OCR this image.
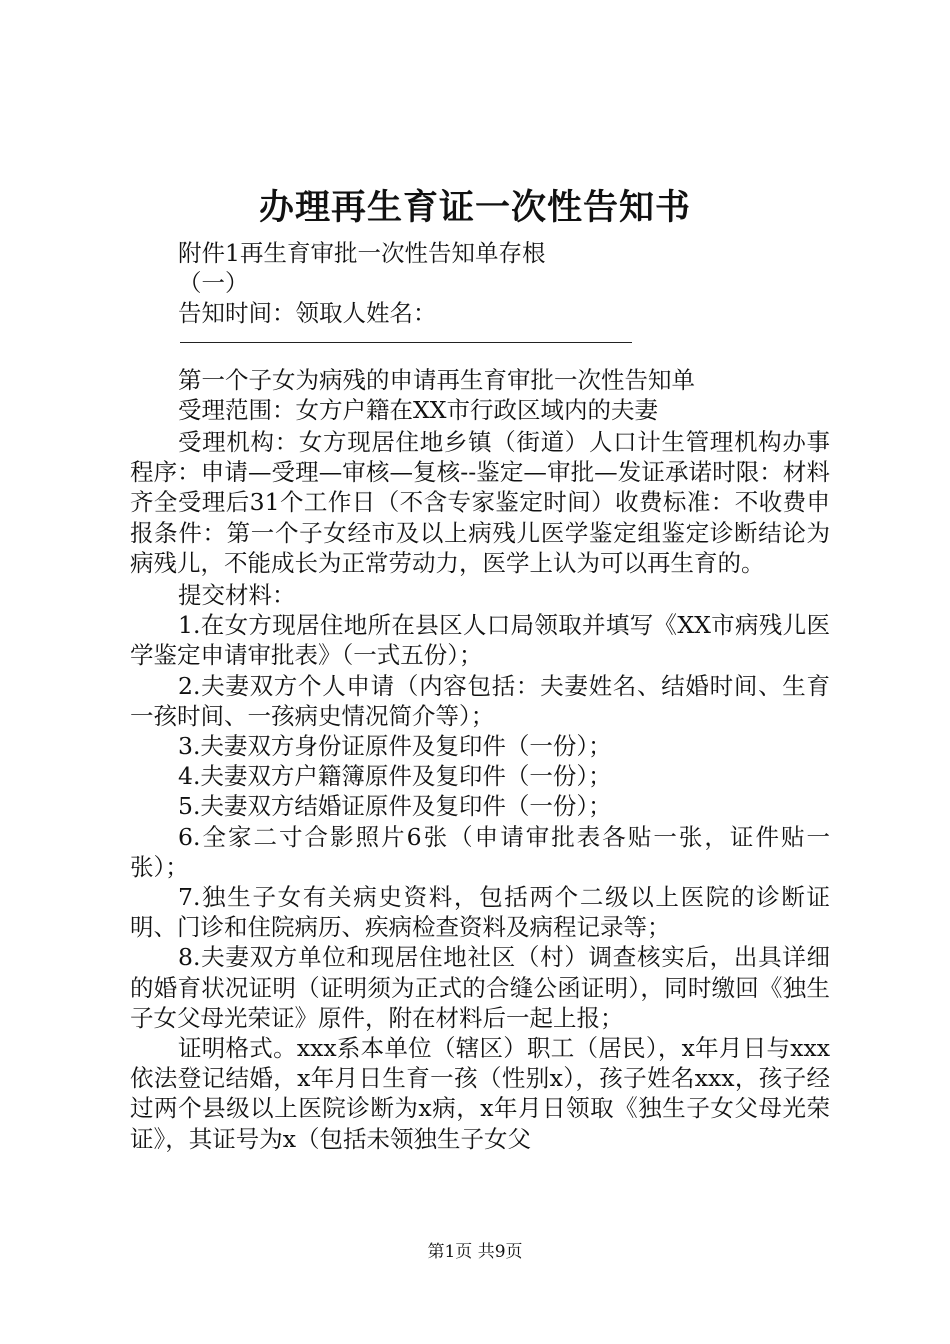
办理再生育证一次性告知书
附件1再生育审批一次性告知单存根
（一）
告知时间：领取人姓名：
第一个子女为病残的申请再生育审批一次性告知单
受理范围：女方户籍在XX市行政区域内的夫妻
受理机构：女方现居住地乡镇（街道）人口计生管理机构办事程序：申请—受理—审核—复核--鉴定—审批—发证承诺时限：材料齐全受理后31个工作日（不含专家鉴定时间）收费标准：不收费申报条件：第一个子女经市及以上病残儿医学鉴定组鉴定诊断结论为病残儿，不能成长为正常劳动力，医学上认为可以再生育的。
提交材料：
1.在女方现居住地所在县区人口局领取并填写《XX市病残儿医学鉴定申请审批表》（一式五份）；
2.夫妻双方个人申请（内容包括：夫妻姓名、结婚时间、生育一孩时间、一孩病史情况简介等）；
3.夫妻双方身份证原件及复印件（一份）；
4.夫妻双方户籍簿原件及复印件（一份）；
5.夫妻双方结婚证原件及复印件（一份）；
6.全家二寸合影照片6张（申请审批表各贴一张，证件贴一张）；
7.独生子女有关病史资料，包括两个二级以上医院的诊断证明、门诊和住院病历、疾病检查资料及病程记录等；
8.夫妻双方单位和现居住地社区（村）调查核实后，出具详细的婚育状况证明（证明须为正式的合缝公函证明），同时缴回《独生子女父母光荣证》原件，附在材料后一起上报；
证明格式。xxx系本单位（辖区）职工（居民），x年月日与xxx依法登记结婚，x年月日生育一孩（性别x），孩子姓名xxx，孩子经过两个县级以上医院诊断为x病，x年月日领取《独生子女父母光荣证》，其证号为x（包括未领独生子女父
第1页 共9页
